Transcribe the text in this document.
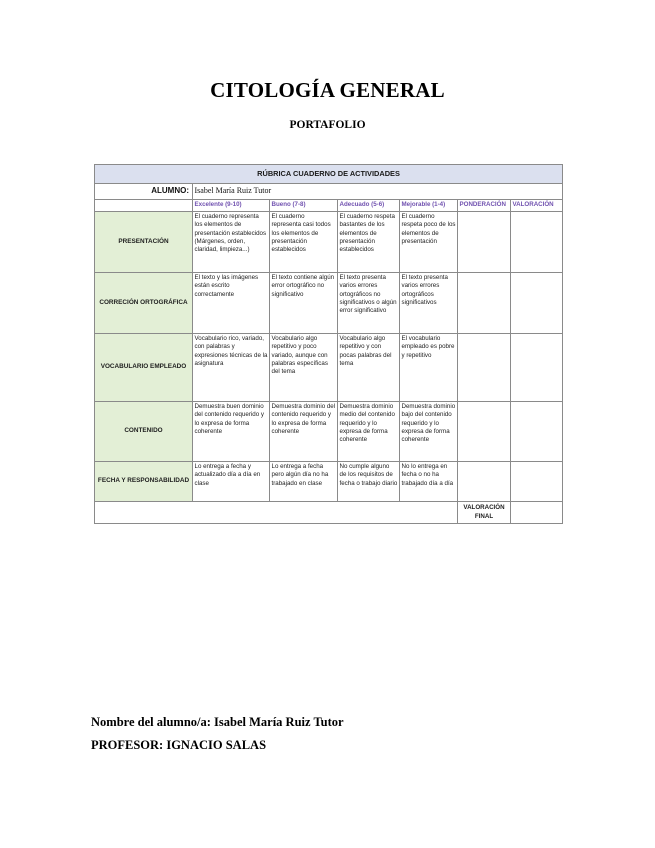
CITOLOGÍA GENERAL
PORTAFOLIO
RÚBRICA CUADERNO DE ACTIVIDADES						
ALUMNO:	Isabel María Ruiz Tutor					
	Excelente (9-10)	Bueno (7-8)	Adecuado (5-6)	Mejorable (1-4)	PONDERACIÓN	VALORACIÓN
PRESENTACIÓN	El cuaderno representa los elementos de presentación establecidos (Márgenes, orden, claridad, limpieza...)	El cuaderno representa casi todos los elementos de presentación establecidos	El cuaderno respeta bastantes de los elementos de presentación establecidos	El cuaderno respeta poco de los elementos de presentación		
CORRECIÓN ORTOGRÁFICA	El texto y las imágenes están escrito correctamente	El texto contiene algún error ortográfico no significativo	El texto presenta varios errores ortográficos no significativos o algún error significativo	El texto presenta varios errores ortográficos significativos		
VOCABULARIO EMPLEADO	Vocabulario rico, variado, con palabras y expresiones técnicas de la asignatura	Vocabulario algo repetitivo y poco variado, aunque con palabras específicas del tema	Vocabulario algo repetitivo y con pocas palabras del tema	El vocabulario empleado es pobre y repetitivo		
CONTENIDO	Demuestra buen dominio del contenido requerido y lo expresa de forma coherente	Demuestra dominio del contenido requerido y lo expresa de forma coherente	Demuestra dominio medio del contenido requerido y lo expresa de forma coherente	Demuestra dominio bajo del contenido requerido y lo expresa de forma coherente		
FECHA Y RESPONSABILIDAD	Lo entrega a fecha y actualizado día a día en clase	Lo entrega a fecha pero algún día no ha trabajado en clase	No cumple alguno de los requisitos de fecha o trabajo diario	No lo entrega en fecha o no ha trabajado día a día		
					VALORACIÓN FINAL	
Nombre del alumno/a: Isabel María Ruiz Tutor
PROFESOR: IGNACIO SALAS
